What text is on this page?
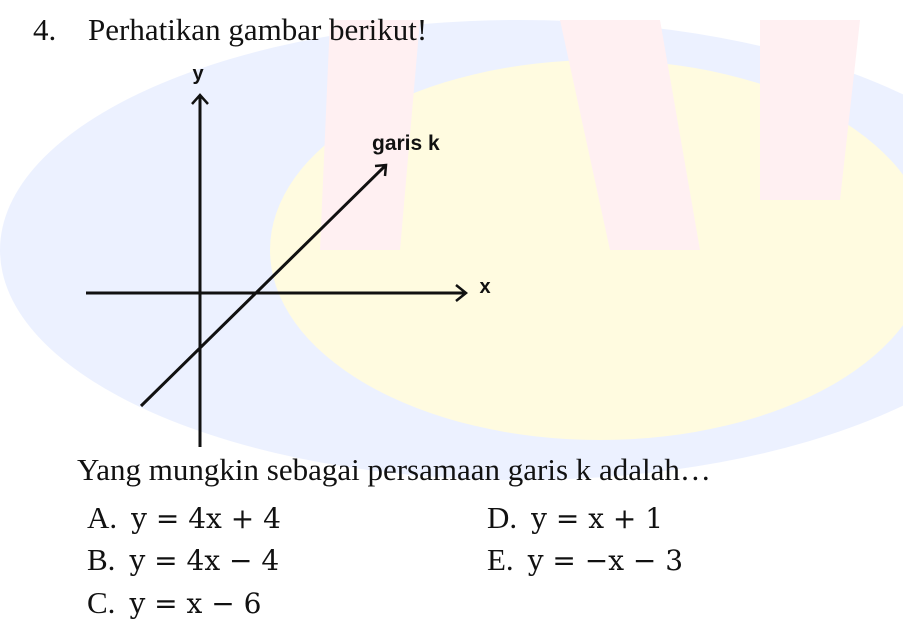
4. Perhatikan gambar berikut!
y
x
garis k
Yang mungkin sebagai persamaan garis k adalah…
A. y = 4x + 4
B. y = 4x − 4
C. y = x − 6
D. y = x + 1
E. y = −x − 3
